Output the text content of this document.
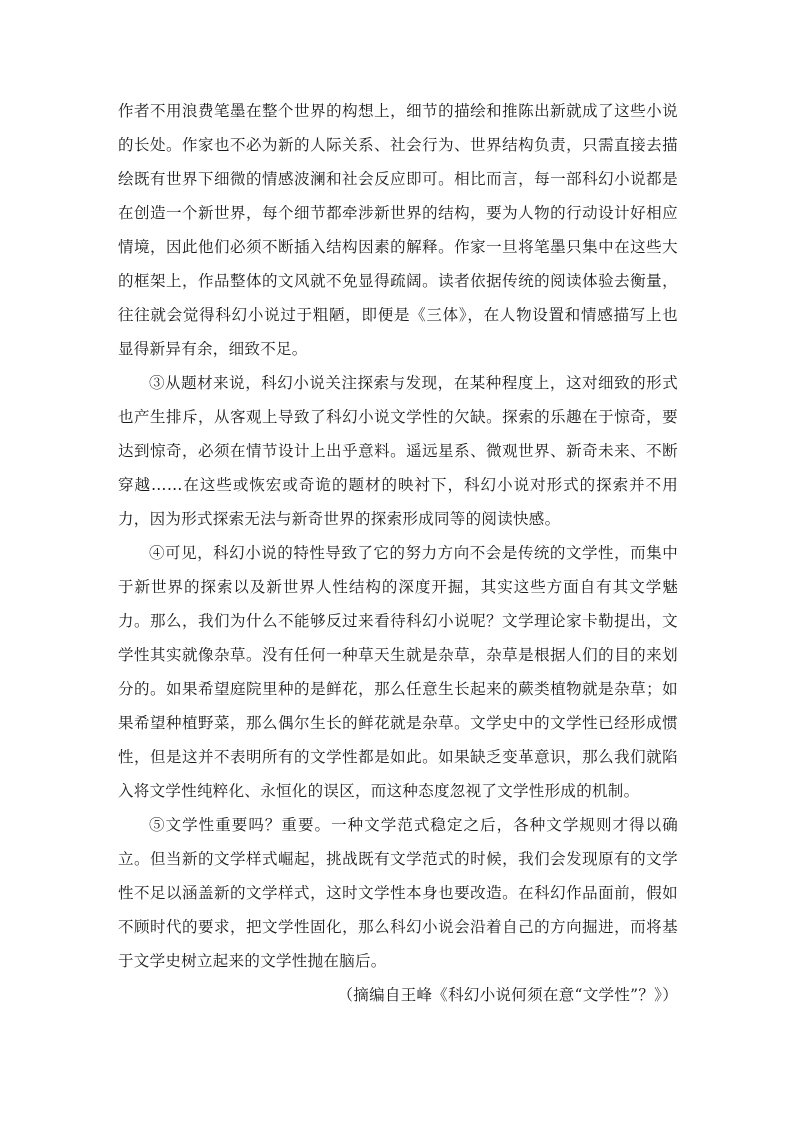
作者不用浪费笔墨在整个世界的构想上，细节的描绘和推陈出新就成了这些小说的长处。作家也不必为新的人际关系、社会行为、世界结构负责，只需直接去描绘既有世界下细微的情感波澜和社会反应即可。相比而言，每一部科幻小说都是在创造一个新世界，每个细节都牵涉新世界的结构，要为人物的行动设计好相应情境，因此他们必须不断插入结构因素的解释。作家一旦将笔墨只集中在这些大的框架上，作品整体的文风就不免显得疏阔。读者依据传统的阅读体验去衡量，往往就会觉得科幻小说过于粗陋，即便是《三体》，在人物设置和情感描写上也显得新异有余，细致不足。

③从题材来说，科幻小说关注探索与发现，在某种程度上，这对细致的形式也产生排斥，从客观上导致了科幻小说文学性的欠缺。探索的乐趣在于惊奇，要达到惊奇，必须在情节设计上出乎意料。遥远星系、微观世界、新奇未来、不断穿越……在这些或恢宏或奇诡的题材的映衬下，科幻小说对形式的探索并不用力，因为形式探索无法与新奇世界的探索形成同等的阅读快感。

④可见，科幻小说的特性导致了它的努力方向不会是传统的文学性，而集中于新世界的探索以及新世界人性结构的深度开掘，其实这些方面自有其文学魅力。那么，我们为什么不能够反过来看待科幻小说呢？文学理论家卡勒提出，文学性其实就像杂草。没有任何一种草天生就是杂草，杂草是根据人们的目的来划分的。如果希望庭院里种的是鲜花，那么任意生长起来的蕨类植物就是杂草；如果希望种植野菜，那么偶尔生长的鲜花就是杂草。文学史中的文学性已经形成惯性，但是这并不表明所有的文学性都是如此。如果缺乏变革意识，那么我们就陷入将文学性纯粹化、永恒化的误区，而这种态度忽视了文学性形成的机制。

⑤文学性重要吗？重要。一种文学范式稳定之后，各种文学规则才得以确立。但当新的文学样式崛起，挑战既有文学范式的时候，我们会发现原有的文学性不足以涵盖新的文学样式，这时文学性本身也要改造。在科幻作品面前，假如不顾时代的要求，把文学性固化，那么科幻小说会沿着自己的方向掘进，而将基于文学史树立起来的文学性抛在脑后。

（摘编自王峰《科幻小说何须在意“文学性”？》）
